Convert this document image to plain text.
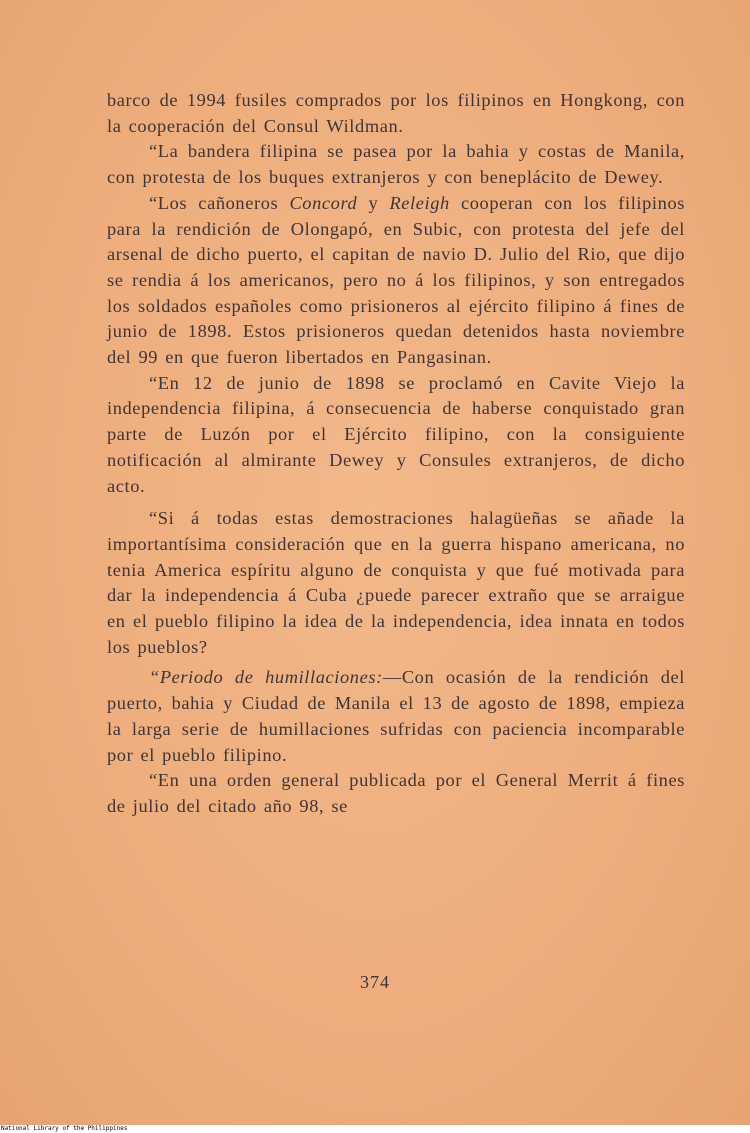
barco de 1994 fusiles comprados por los filipinos en Hongkong, con la cooperación del Consul Wildman.

“La bandera filipina se pasea por la bahia y costas de Manila, con protesta de los buques extranjeros y con beneplácito de Dewey.

“Los cañoneros Concord y Releigh cooperan con los filipinos para la rendición de Olongapó, en Subic, con protesta del jefe del arsenal de dicho puerto, el capitan de navio D. Julio del Rio, que dijo se rendia á los americanos, pero no á los filipinos, y son entregados los soldados españoles como prisioneros al ejército filipino á fines de junio de 1898. Estos prisioneros quedan detenidos hasta noviembre del 99 en que fueron libertados en Pangasinan.

“En 12 de junio de 1898 se proclamó en Cavite Viejo la independencia filipina, á consecuencia de haberse conquistado gran parte de Luzón por el Ejército filipino, con la consiguiente notificación al almirante Dewey y Consules extranjeros, de dicho acto.

“Si á todas estas demostraciones halagüeñas se añade la importantísima consideración que en la guerra hispano americana, no tenia America espíritu alguno de conquista y que fué motivada para dar la independencia á Cuba ¿puede parecer extraño que se arraigue en el pueblo filipino la idea de la independencia, idea innata en todos los pueblos?

“Periodo de humillaciones:—Con ocasión de la rendición del puerto, bahia y Ciudad de Manila el 13 de agosto de 1898, empieza la larga serie de humillaciones sufridas con paciencia incomparable por el pueblo filipino.

“En una orden general publicada por el General Merrit á fines de julio del citado año 98, se

374
National Library of the Philippines
